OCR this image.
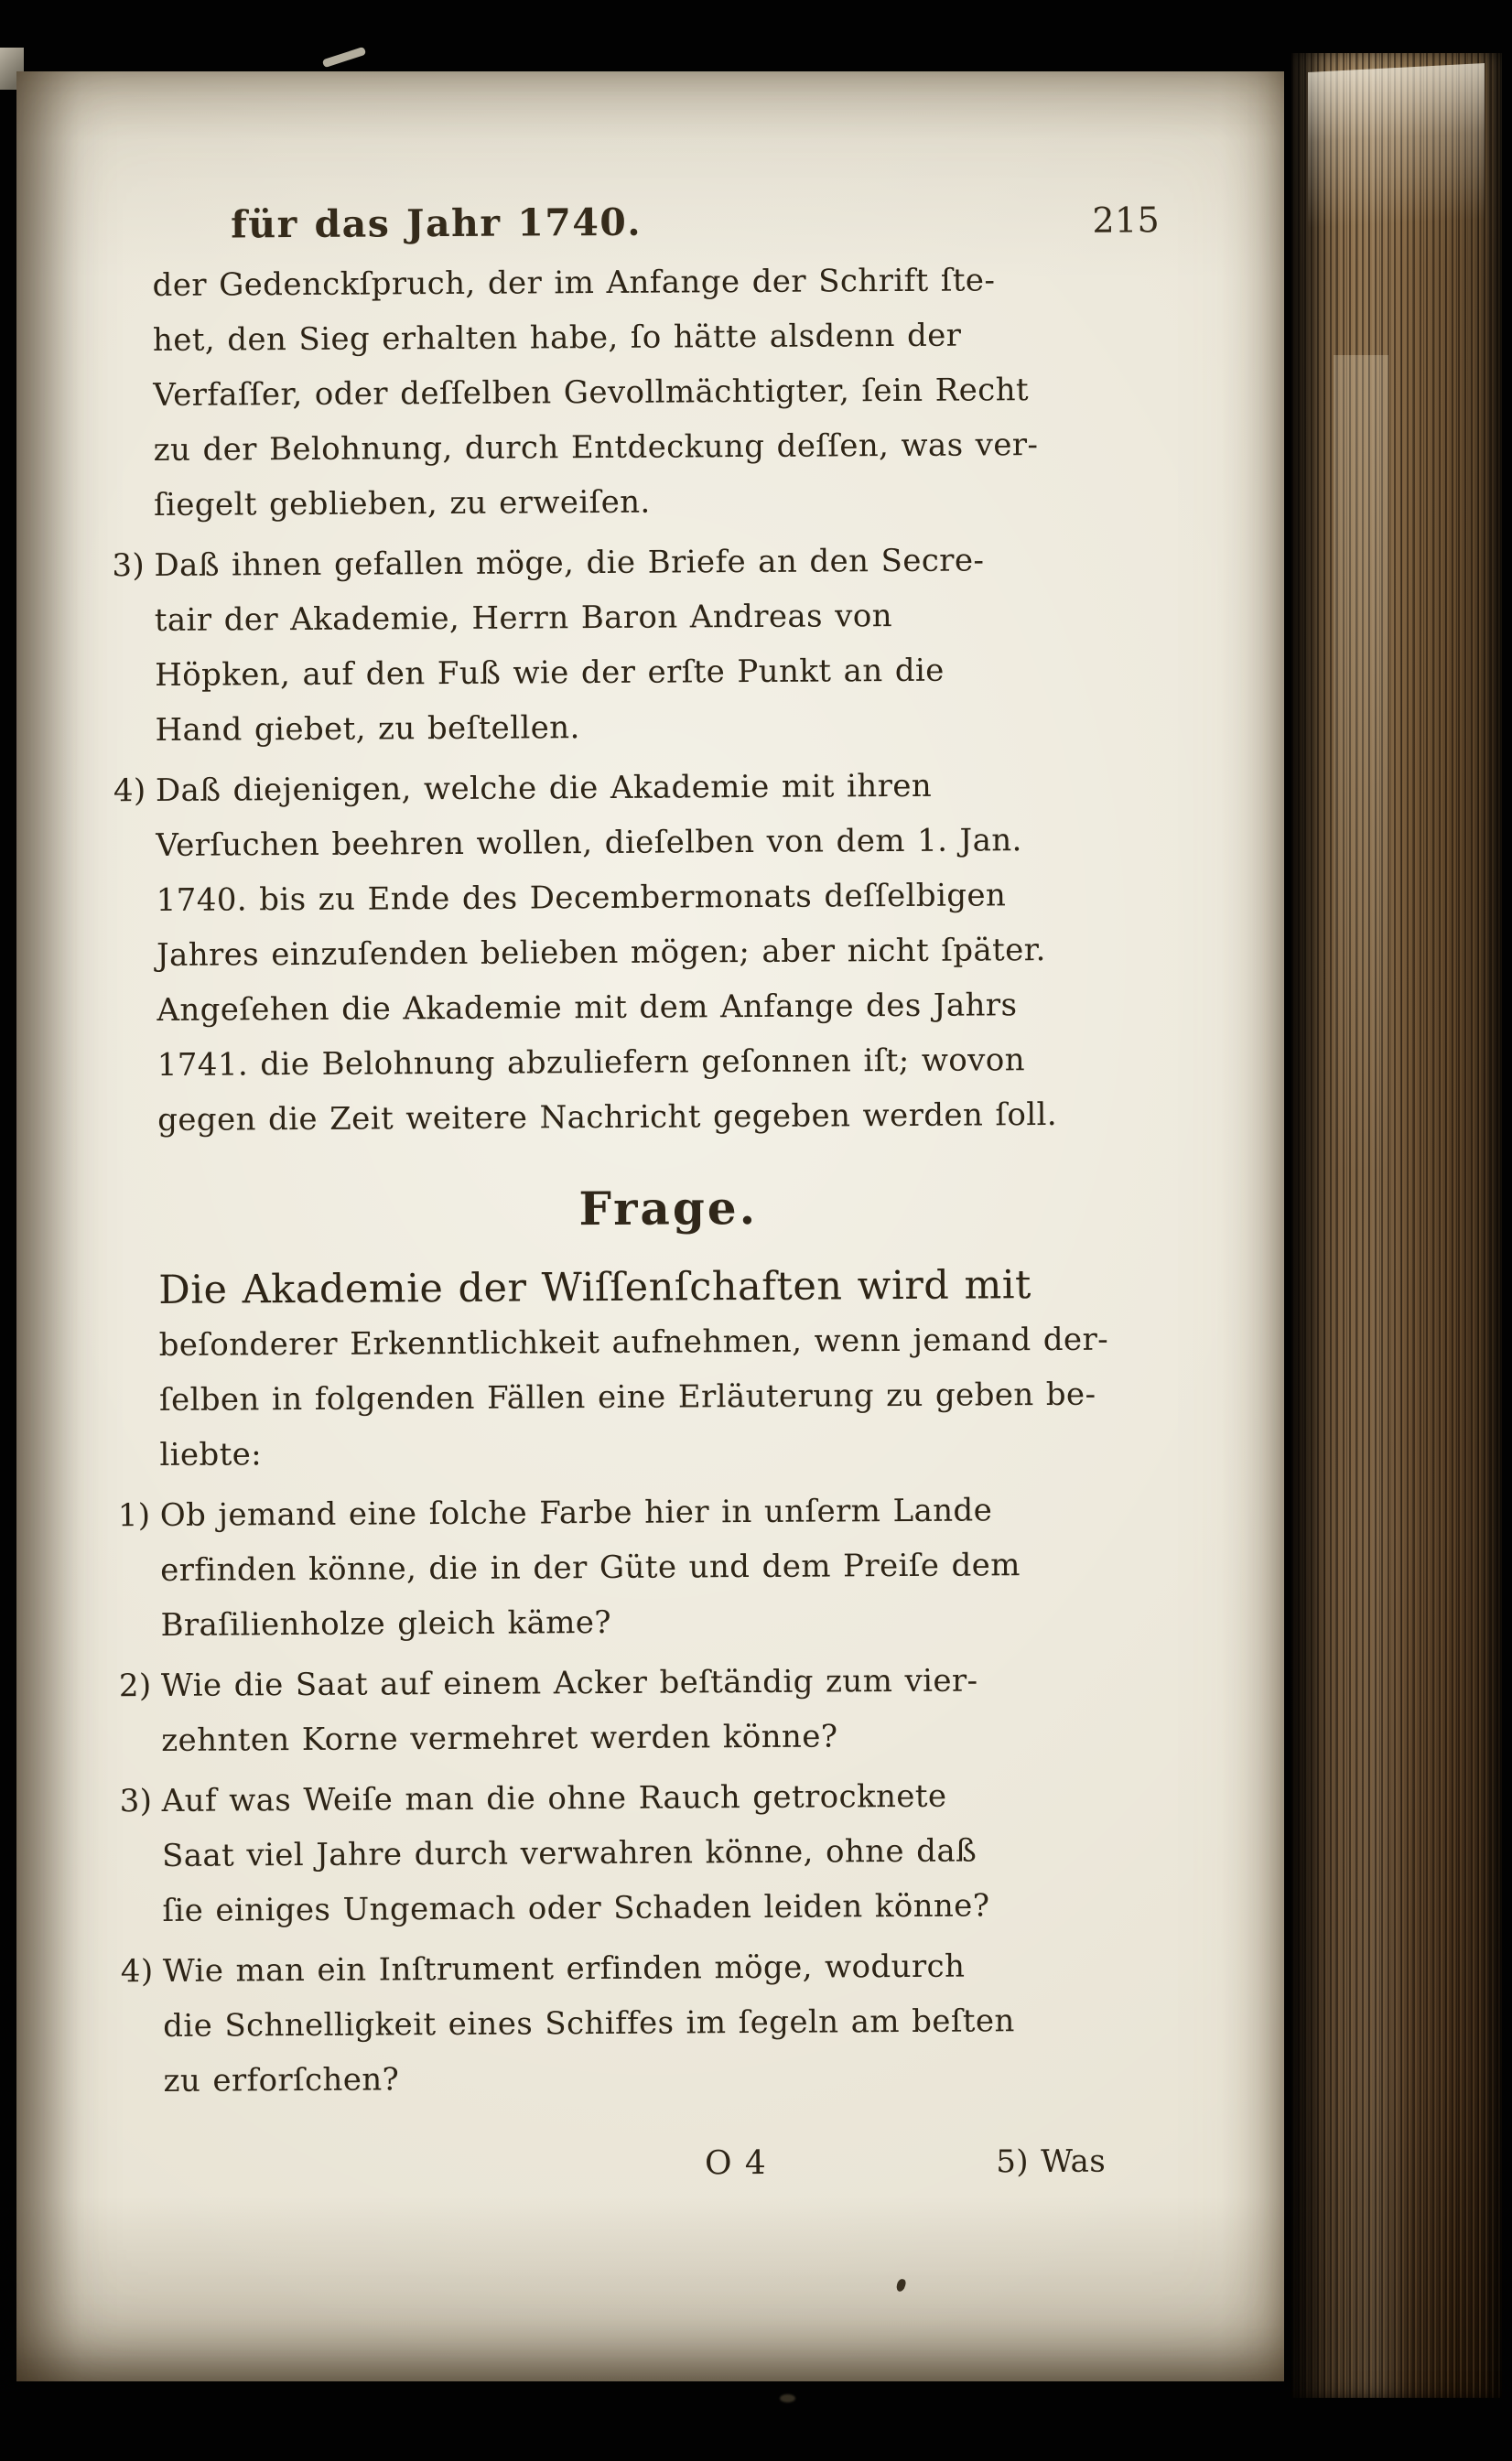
für das Jahr 1740.	215
der Gedenckſpruch, der im Anfange der Schrift ſte-
het, den Sieg erhalten habe, ſo hätte alsdenn der
Verfaſſer, oder deſſelben Gevollmächtigter, ſein Recht
zu der Belohnung, durch Entdeckung deſſen, was ver-
ſiegelt geblieben, zu erweiſen.
3) Daß ihnen gefallen möge, die Briefe an den Secre-
tair der Akademie, Herrn Baron Andreas von
Höpken, auf den Fuß wie der erſte Punkt an die
Hand giebet, zu beſtellen.
4) Daß diejenigen, welche die Akademie mit ihren
Verſuchen beehren wollen, dieſelben von dem 1. Jan.
1740. bis zu Ende des Decembermonats deſſelbigen
Jahres einzuſenden belieben mögen; aber nicht ſpäter.
Angeſehen die Akademie mit dem Anfange des Jahrs
1741. die Belohnung abzuliefern geſonnen iſt; wovon
gegen die Zeit weitere Nachricht gegeben werden ſoll.
Frage.
Die Akademie der Wiſſenſchaften wird mit
beſonderer Erkenntlichkeit aufnehmen, wenn jemand der-
ſelben in folgenden Fällen eine Erläuterung zu geben be-
liebte:
1) Ob jemand eine ſolche Farbe hier in unſerm Lande
erfinden könne, die in der Güte und dem Preiſe dem
Braſilienholze gleich käme?
2) Wie die Saat auf einem Acker beſtändig zum vier-
zehnten Korne vermehret werden könne?
3) Auf was Weiſe man die ohne Rauch getrocknete
Saat viel Jahre durch verwahren könne, ohne daß
ſie einiges Ungemach oder Schaden leiden könne?
4) Wie man ein Inſtrument erfinden möge, wodurch
die Schnelligkeit eines Schiffes im ſegeln am beſten
zu erforſchen?
O 4	5) Was
